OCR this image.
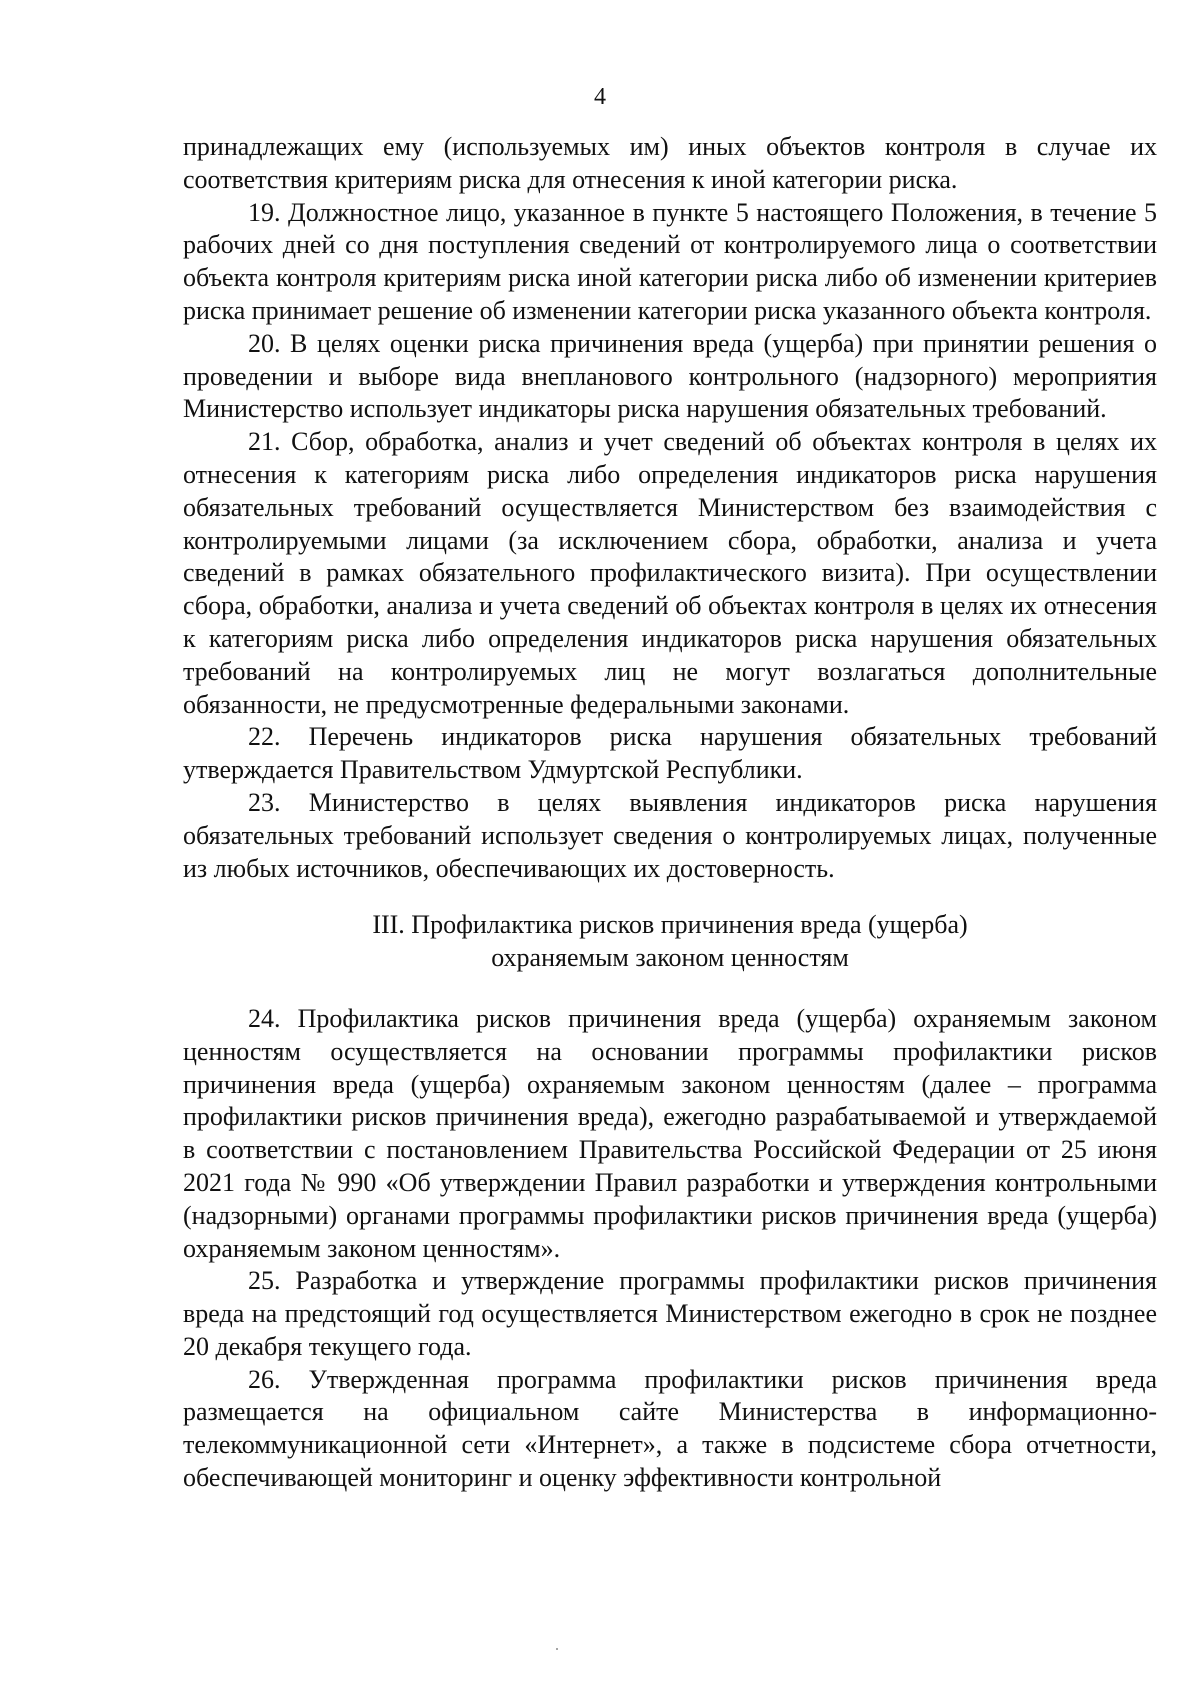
4

принадлежащих ему (используемых им) иных объектов контроля в случае их соответствия критериям риска для отнесения к иной категории риска.

19. Должностное лицо, указанное в пункте 5 настоящего Положения, в течение 5 рабочих дней со дня поступления сведений от контролируемого лица о соответствии объекта контроля критериям риска иной категории риска либо об изменении критериев риска принимает решение об изменении категории риска указанного объекта контроля.

20. В целях оценки риска причинения вреда (ущерба) при принятии решения о проведении и выборе вида внепланового контрольного (надзорного) мероприятия Министерство использует индикаторы риска нарушения обязательных требований.

21. Сбор, обработка, анализ и учет сведений об объектах контроля в целях их отнесения к категориям риска либо определения индикаторов риска нарушения обязательных требований осуществляется Министерством без взаимодействия с контролируемыми лицами (за исключением сбора, обработки, анализа и учета сведений в рамках обязательного профилактического визита). При осуществлении сбора, обработки, анализа и учета сведений об объектах контроля в целях их отнесения к категориям риска либо определения индикаторов риска нарушения обязательных требований на контролируемых лиц не могут возлагаться дополнительные обязанности, не предусмотренные федеральными законами.

22. Перечень индикаторов риска нарушения обязательных требований утверждается Правительством Удмуртской Республики.

23. Министерство в целях выявления индикаторов риска нарушения обязательных требований использует сведения о контролируемых лицах, полученные из любых источников, обеспечивающих их достоверность.

III. Профилактика рисков причинения вреда (ущерба)
охраняемым законом ценностям

24. Профилактика рисков причинения вреда (ущерба) охраняемым законом ценностям осуществляется на основании программы профилактики рисков причинения вреда (ущерба) охраняемым законом ценностям (далее – программа профилактики рисков причинения вреда), ежегодно разрабатываемой и утверждаемой в соответствии с постановлением Правительства Российской Федерации от 25 июня 2021 года № 990 «Об утверждении Правил разработки и утверждения контрольными (надзорными) органами программы профилактики рисков причинения вреда (ущерба) охраняемым законом ценностям».

25. Разработка и утверждение программы профилактики рисков причинения вреда на предстоящий год осуществляется Министерством ежегодно в срок не позднее 20 декабря текущего года.

26. Утвержденная программа профилактики рисков причинения вреда размещается на официальном сайте Министерства в информационно-телекоммуникационной сети «Интернет», а также в подсистеме сбора отчетности, обеспечивающей мониторинг и оценку эффективности контрольной
